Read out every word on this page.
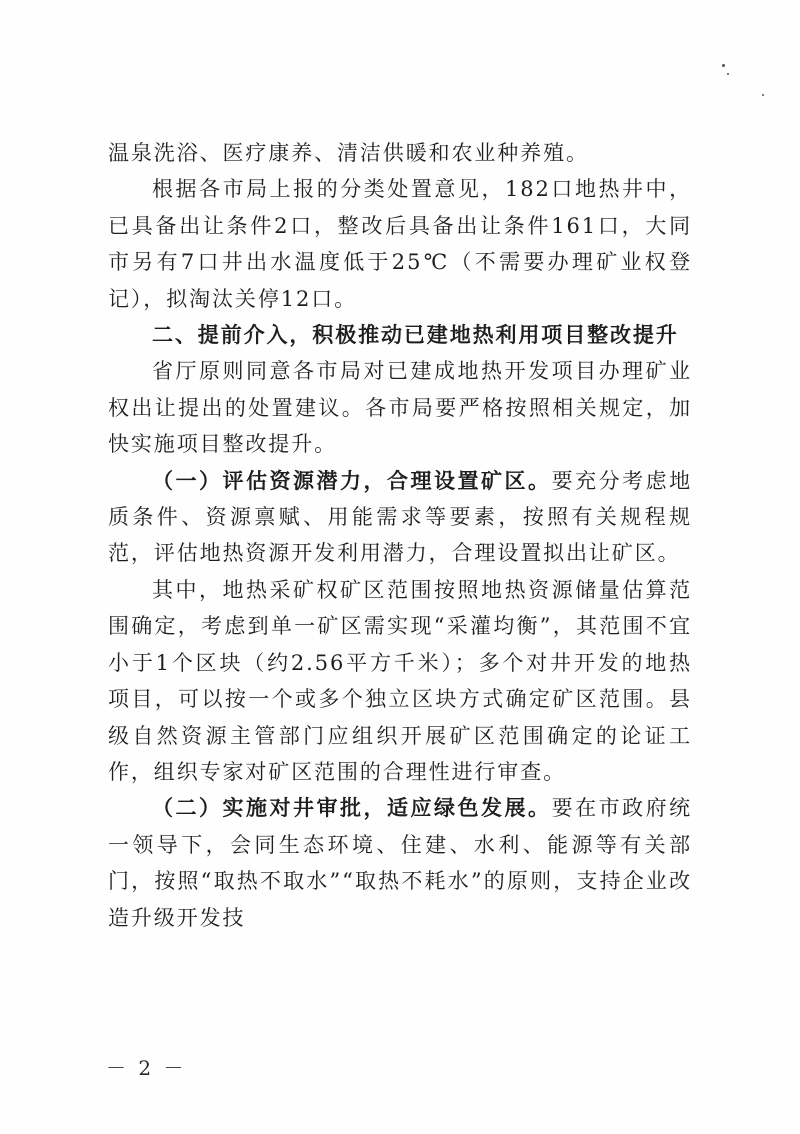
温泉洗浴、医疗康养、清洁供暖和农业种养殖。

根据各市局上报的分类处置意见，182口地热井中，已具备出让条件2口，整改后具备出让条件161口，大同市另有7口井出水温度低于25℃（不需要办理矿业权登记），拟淘汰关停12口。

二、提前介入，积极推动已建地热利用项目整改提升

省厅原则同意各市局对已建成地热开发项目办理矿业权出让提出的处置建议。各市局要严格按照相关规定，加快实施项目整改提升。

（一）评估资源潜力，合理设置矿区。要充分考虑地质条件、资源禀赋、用能需求等要素，按照有关规程规范，评估地热资源开发利用潜力，合理设置拟出让矿区。

其中，地热采矿权矿区范围按照地热资源储量估算范围确定，考虑到单一矿区需实现“采灌均衡”，其范围不宜小于1个区块（约2.56平方千米）；多个对井开发的地热项目，可以按一个或多个独立区块方式确定矿区范围。县级自然资源主管部门应组织开展矿区范围确定的论证工作，组织专家对矿区范围的合理性进行审查。

（二）实施对井审批，适应绿色发展。要在市政府统一领导下，会同生态环境、住建、水利、能源等有关部门，按照“取热不取水”“取热不耗水”的原则，支持企业改造升级开发技

－ 2 －
